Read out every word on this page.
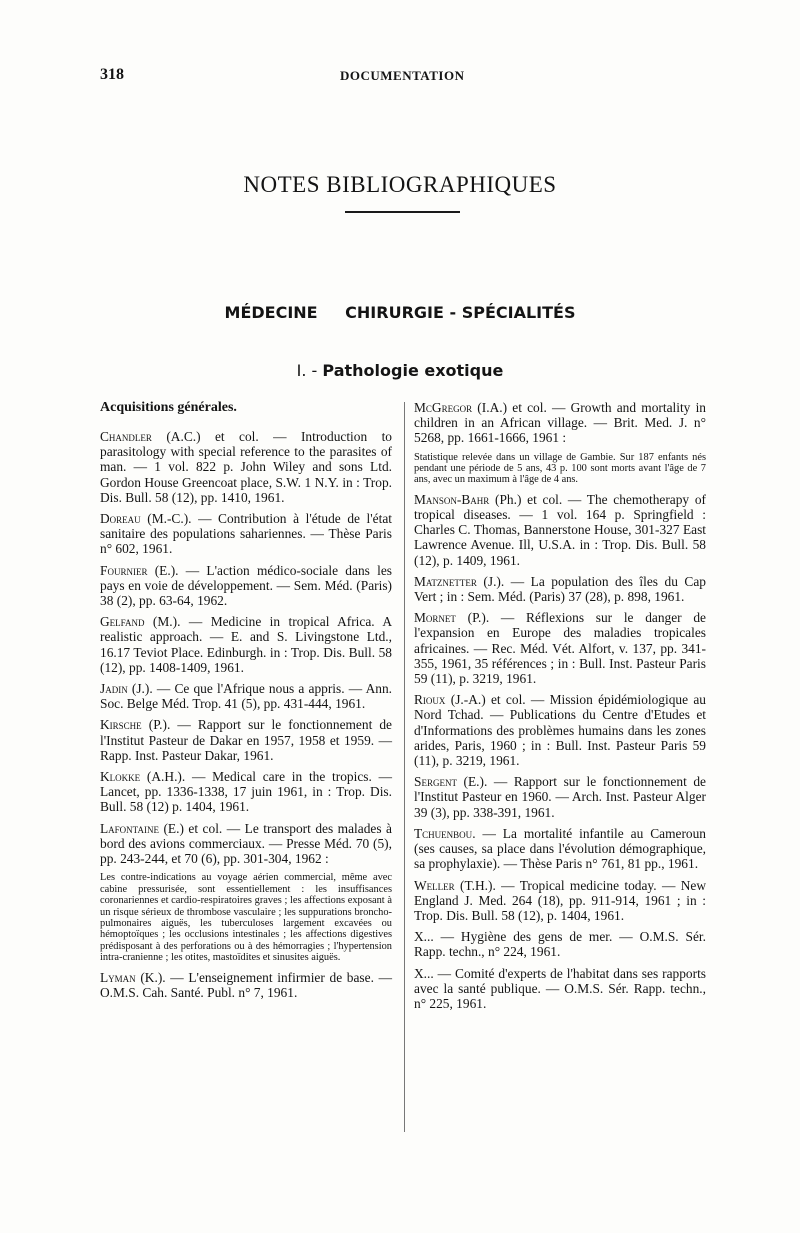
318	DOCUMENTATION
NOTES BIBLIOGRAPHIQUES
MÉDECINE CHIRURGIE - SPÉCIALITÉS
I. - Pathologie exotique
Acquisitions générales.

Chandler (A.C.) et col. — Introduction to parasitology with special reference to the parasites of man. — 1 vol. 822 p. John Wiley and sons Ltd. Gordon House Greencoat place, S.W. 1 N.Y. in : Trop. Dis. Bull. 58 (12), pp. 1410, 1961.

Doreau (M.-C.). — Contribution à l'étude de l'état sanitaire des populations sahariennes. — Thèse Paris n° 602, 1961.

Fournier (E.). — L'action médico-sociale dans les pays en voie de développement. — Sem. Méd. (Paris) 38 (2), pp. 63-64, 1962.

Gelfand (M.). — Medicine in tropical Africa. A realistic approach. — E. and S. Livingstone Ltd., 16.17 Teviot Place. Edinburgh. in : Trop. Dis. Bull. 58 (12), pp. 1408-1409, 1961.

Jadin (J.). — Ce que l'Afrique nous a appris. — Ann. Soc. Belge Méd. Trop. 41 (5), pp. 431-444, 1961.

Kirsche (P.). — Rapport sur le fonctionnement de l'Institut Pasteur de Dakar en 1957, 1958 et 1959. — Rapp. Inst. Pasteur Dakar, 1961.

Klokke (A.H.). — Medical care in the tropics. — Lancet, pp. 1336-1338, 17 juin 1961, in : Trop. Dis. Bull. 58 (12) p. 1404, 1961.

Lafontaine (E.) et col. — Le transport des malades à bord des avions commerciaux. — Presse Méd. 70 (5), pp. 243-244, et 70 (6), pp. 301-304, 1962 :

Les contre-indications au voyage aérien commercial, même avec cabine pressurisée, sont essentiellement : les insuffisances coronariennes et cardio-respiratoires graves ; les affections exposant à un risque sérieux de thrombose vasculaire ; les suppurations broncho-pulmonaires aiguës, les tuberculoses largement excavées ou hémoptoïques ; les occlusions intestinales ; les affections digestives prédisposant à des perforations ou à des hémorragies ; l'hypertension intra-cranienne ; les otites, mastoïdites et sinusites aiguës.

Lyman (K.). — L'enseignement infirmier de base. — O.M.S. Cah. Santé. Publ. n° 7, 1961.

McGregor (I.A.) et col. — Growth and mortality in children in an African village. — Brit. Med. J. n° 5268, pp. 1661-1666, 1961 :

Statistique relevée dans un village de Gambie. Sur 187 enfants nés pendant une période de 5 ans, 43 p. 100 sont morts avant l'âge de 7 ans, avec un maximum à l'âge de 4 ans.

Manson-Bahr (Ph.) et col. — The chemotherapy of tropical diseases. — 1 vol. 164 p. Springfield : Charles C. Thomas, Bannerstone House, 301-327 East Lawrence Avenue. Ill, U.S.A. in : Trop. Dis. Bull. 58 (12), p. 1409, 1961.

Matznetter (J.). — La population des îles du Cap Vert ; in : Sem. Méd. (Paris) 37 (28), p. 898, 1961.

Mornet (P.). — Réflexions sur le danger de l'expansion en Europe des maladies tropicales africaines. — Rec. Méd. Vét. Alfort, v. 137, pp. 341-355, 1961, 35 références ; in : Bull. Inst. Pasteur Paris 59 (11), p. 3219, 1961.

Rioux (J.-A.) et col. — Mission épidémiologique au Nord Tchad. — Publications du Centre d'Etudes et d'Informations des problèmes humains dans les zones arides, Paris, 1960 ; in : Bull. Inst. Pasteur Paris 59 (11), p. 3219, 1961.

Sergent (E.). — Rapport sur le fonctionnement de l'Institut Pasteur en 1960. — Arch. Inst. Pasteur Alger 39 (3), pp. 338-391, 1961.

Tchuenbou. — La mortalité infantile au Cameroun (ses causes, sa place dans l'évolution démographique, sa prophylaxie). — Thèse Paris n° 761, 81 pp., 1961.

Weller (T.H.). — Tropical medicine today. — New England J. Med. 264 (18), pp. 911-914, 1961 ; in : Trop. Dis. Bull. 58 (12), p. 1404, 1961.

X... — Hygiène des gens de mer. — O.M.S. Sér. Rapp. techn., n° 224, 1961.

X... — Comité d'experts de l'habitat dans ses rapports avec la santé publique. — O.M.S. Sér. Rapp. techn., n° 225, 1961.
